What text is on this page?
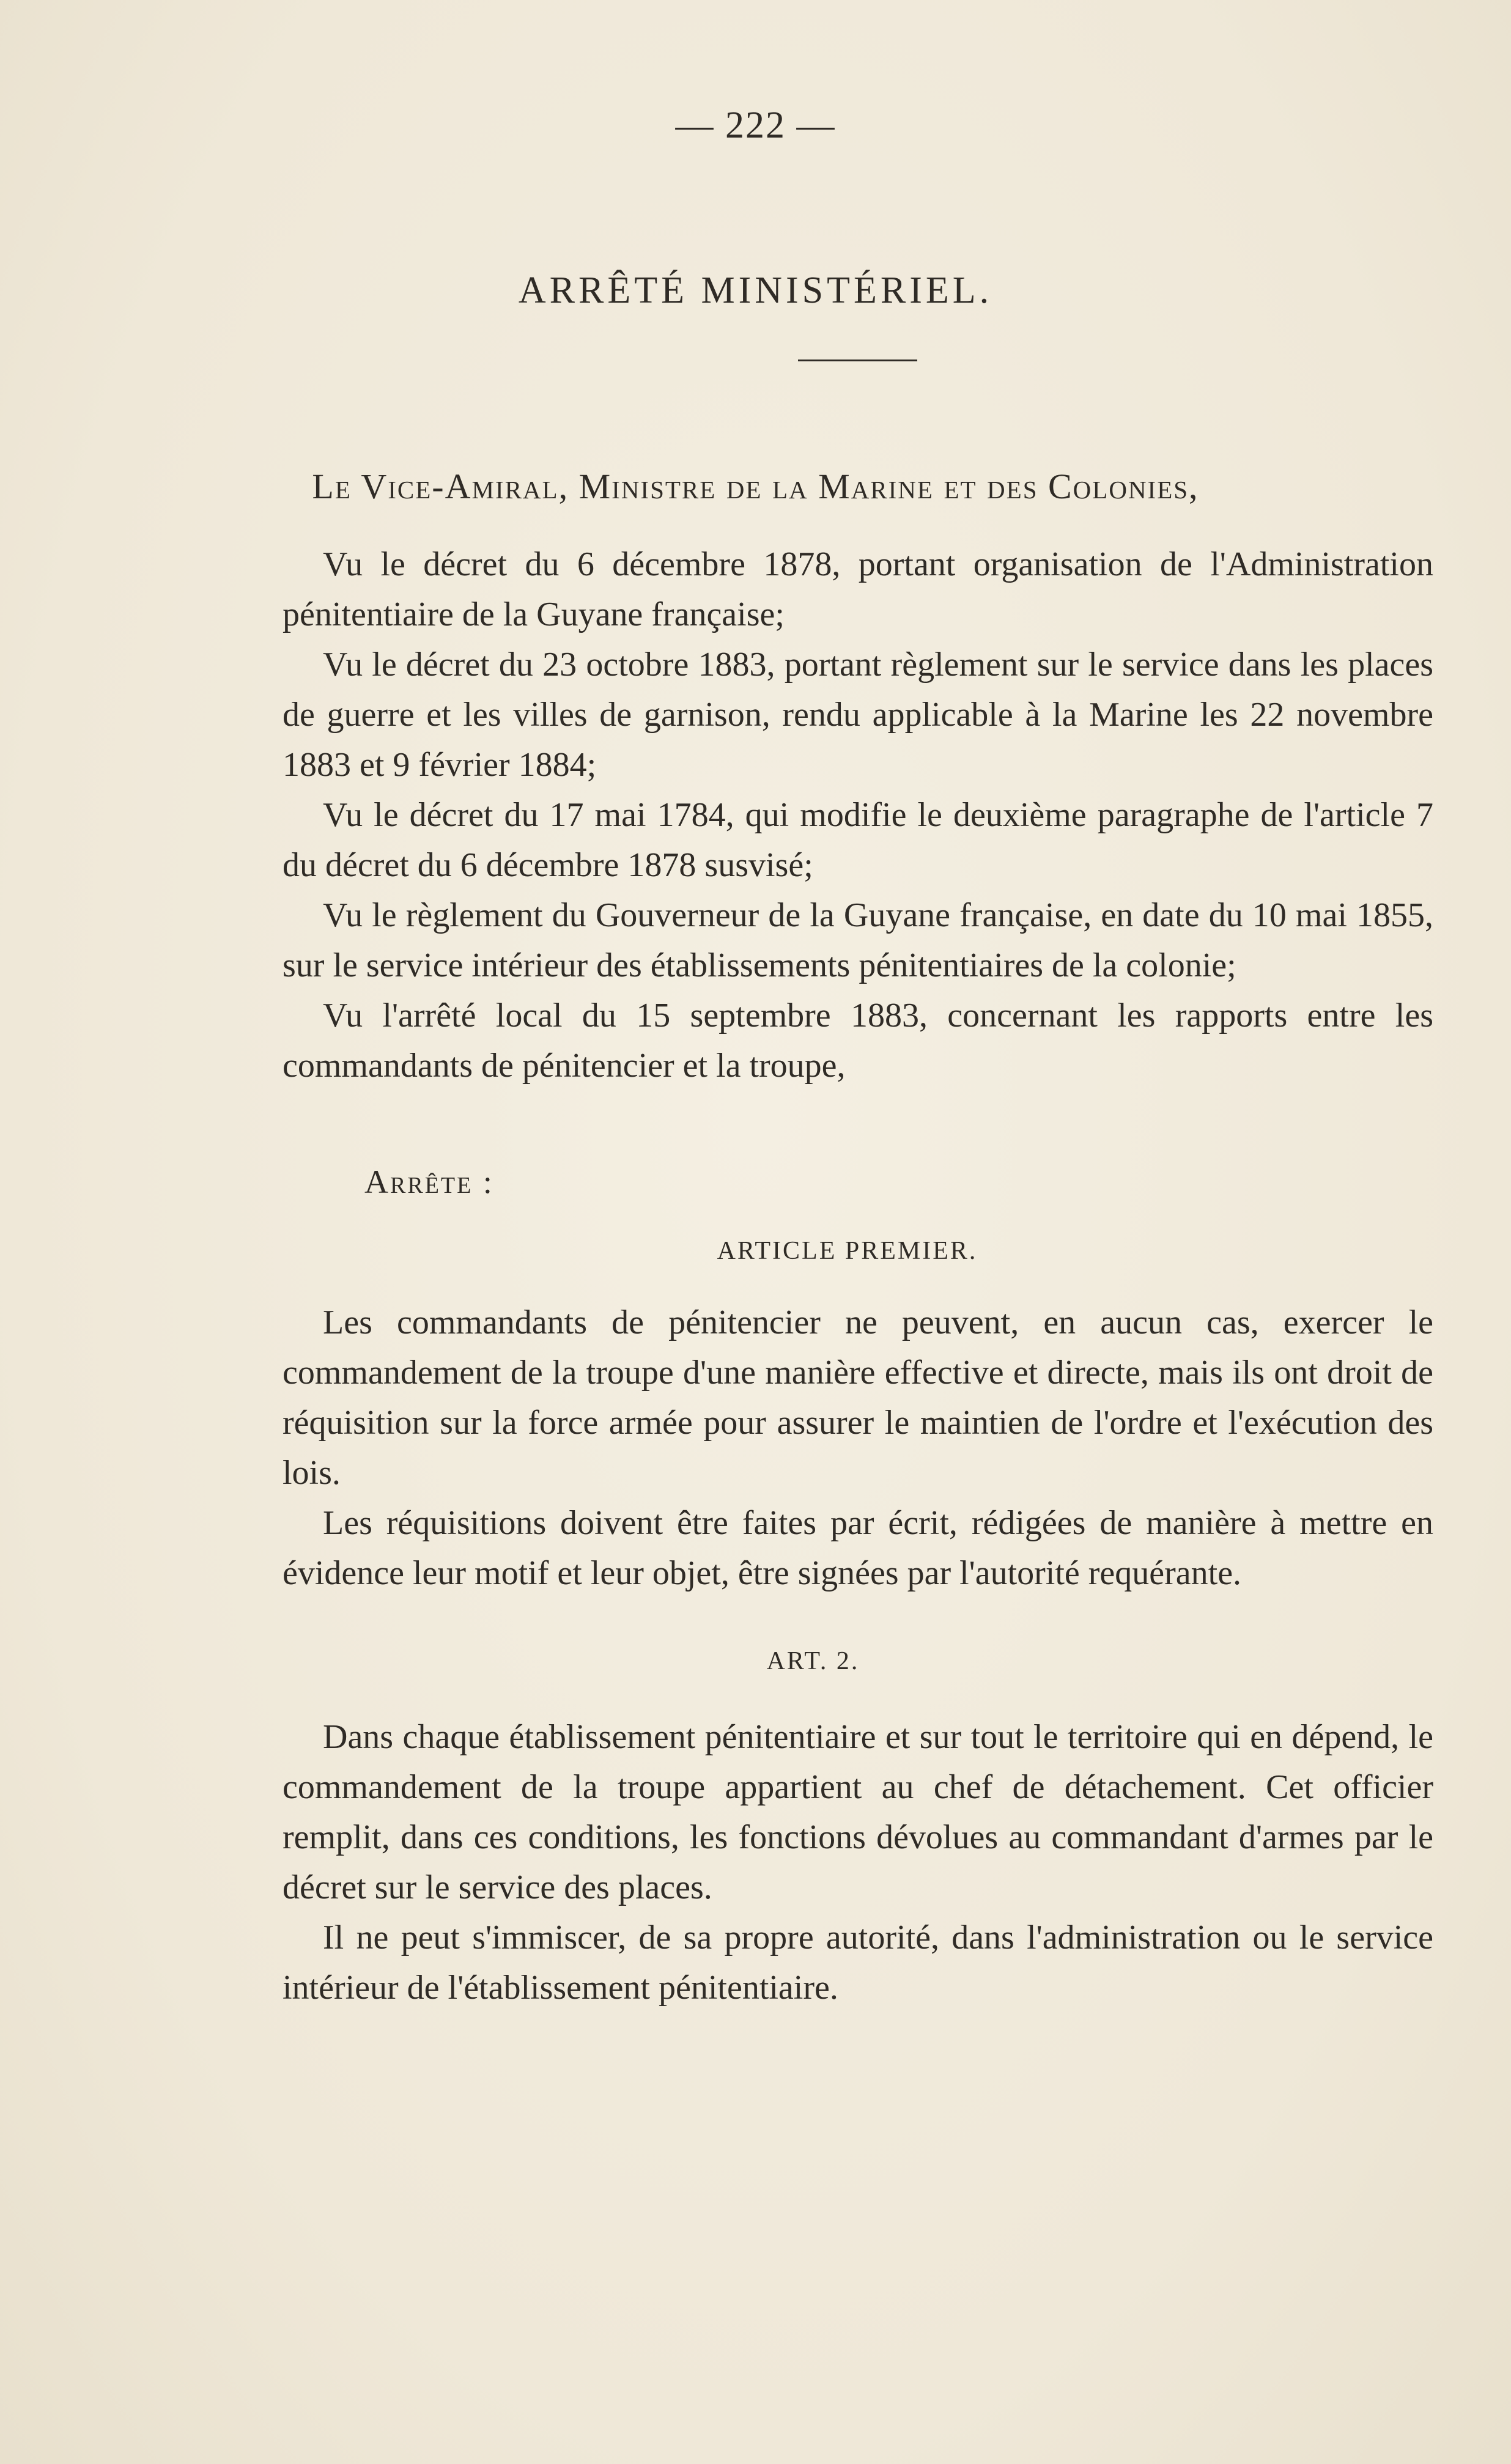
— 222 —
ARRÊTÉ MINISTÉRIEL.
Le Vice-Amiral, Ministre de la Marine et des Colonies,

Vu le décret du 6 décembre 1878, portant organisation de l'Administration pénitentiaire de la Guyane française;

Vu le décret du 23 octobre 1883, portant règlement sur le service dans les places de guerre et les villes de garnison, rendu applicable à la Marine les 22 novembre 1883 et 9 février 1884;

Vu le décret du 17 mai 1784, qui modifie le deuxième paragraphe de l'article 7 du décret du 6 décembre 1878 susvisé;

Vu le règlement du Gouverneur de la Guyane française, en date du 10 mai 1855, sur le service intérieur des établissements pénitentiaires de la colonie;

Vu l'arrêté local du 15 septembre 1883, concernant les rapports entre les commandants de pénitencier et la troupe,

Arrête :
ARTICLE PREMIER.

Les commandants de pénitencier ne peuvent, en aucun cas, exercer le commandement de la troupe d'une manière effective et directe, mais ils ont droit de réquisition sur la force armée pour assurer le maintien de l'ordre et l'exécution des lois.

Les réquisitions doivent être faites par écrit, rédigées de manière à mettre en évidence leur motif et leur objet, être signées par l'autorité requérante.

ART. 2.

Dans chaque établissement pénitentiaire et sur tout le territoire qui en dépend, le commandement de la troupe appartient au chef de détachement. Cet officier remplit, dans ces conditions, les fonctions dévolues au commandant d'armes par le décret sur le service des places.

Il ne peut s'immiscer, de sa propre autorité, dans l'administration ou le service intérieur de l'établissement pénitentiaire.
